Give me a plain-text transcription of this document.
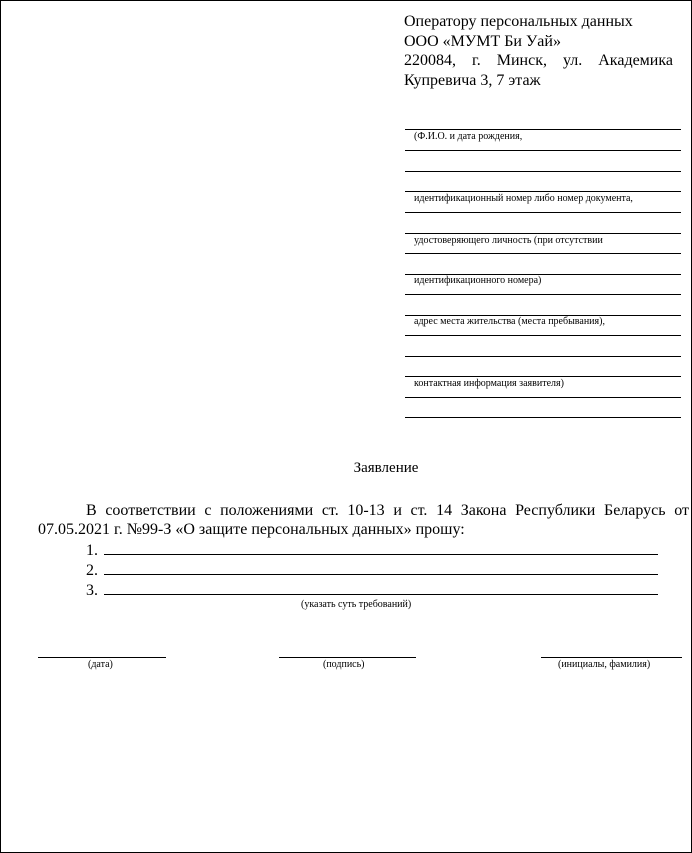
Оператору персональных данных
ООО «МУМТ Би Уай»
220084, г. Минск, ул. Академика
Купревича 3, 7 этаж
(Ф.И.О. и дата рождения,
идентификационный номер либо номер документа,
удостоверяющего личность (при отсутствии
идентификационного номера)
адрес места жительства (места пребывания),
контактная информация заявителя)
Заявление
В соответствии с положениями ст. 10-13 и ст. 14 Закона Республики Беларусь от
07.05.2021 г. №99-З «О защите персональных данных» прошу:
1.
2.
3.
(указать суть требований)
(дата)	(подпись)	(инициалы, фамилия)
